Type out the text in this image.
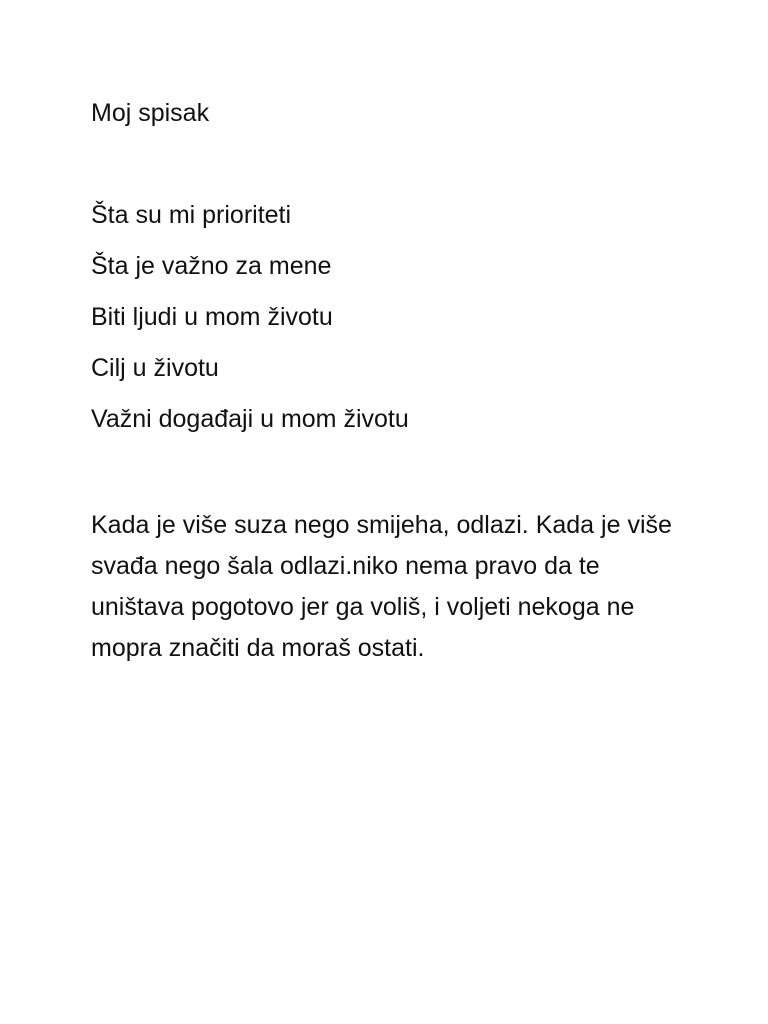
Moj spisak
Šta su mi prioriteti
Šta je važno za mene
Biti ljudi u mom životu
Cilj u životu
Važni događaji u mom životu

Kada je više suza nego smijeha, odlazi. Kada je više svađa nego šala odlazi.niko nema pravo da te uništava pogotovo jer ga voliš, i voljeti nekoga ne mopra značiti da moraš ostati.
